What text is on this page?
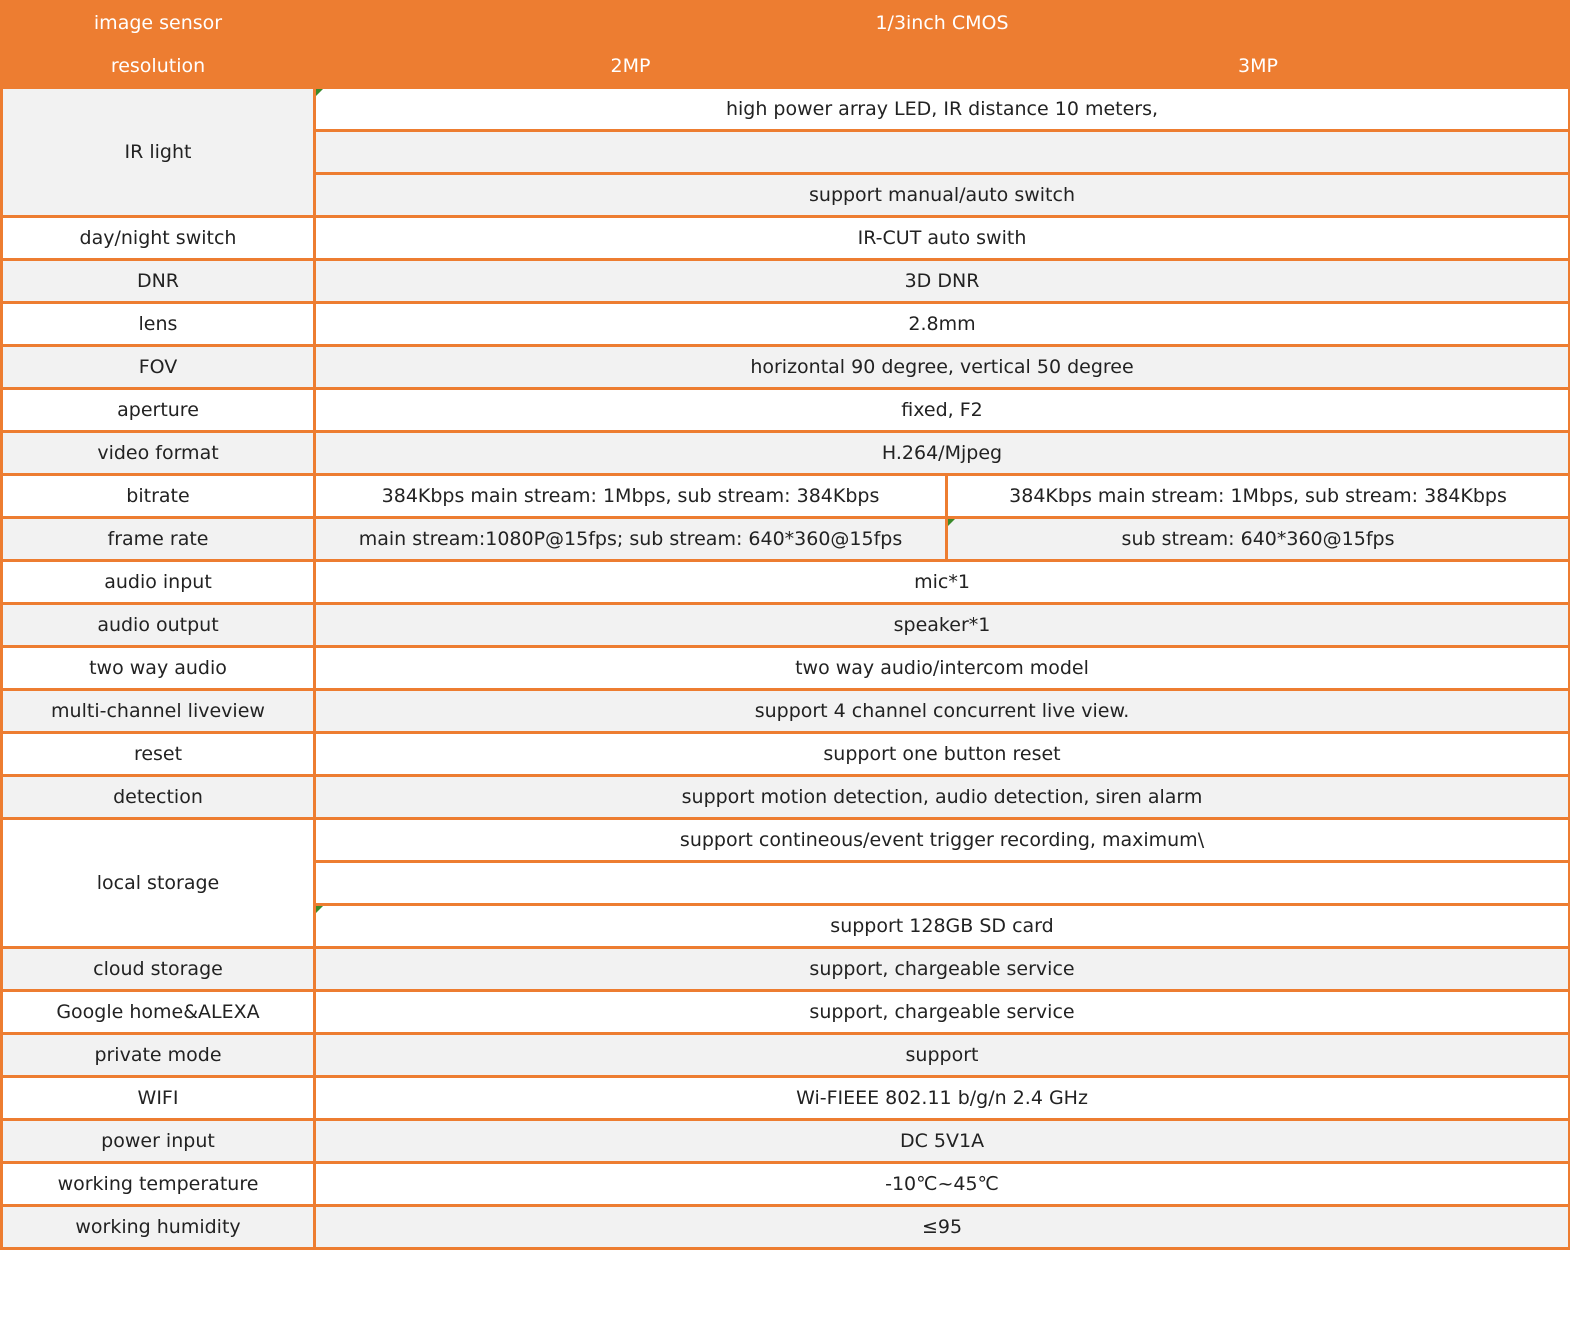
image sensor	1/3inch CMOS	
resolution	2MP	3MP
IR light	high power array LED, IR distance 10 meters,	

	support manual/auto switch	
day/night switch	IR-CUT auto swith	
DNR	3D DNR	
lens	2.8mm	
FOV	horizontal 90 degree, vertical 50 degree	
aperture	fixed, F2	
video format	H.264/Mjpeg	
bitrate	384Kbps main stream: 1Mbps, sub stream: 384Kbps	384Kbps main stream: 1Mbps, sub stream: 384Kbps
frame rate	main stream:1080P@15fps; sub stream: 640*360@15fps	sub stream: 640*360@15fps
audio input	mic*1	
audio output	speaker*1	
two way audio	two way audio/intercom model	
multi-channel liveview	support 4 channel concurrent live view.	
reset	support one button reset	
detection	support motion detection, audio detection, siren alarm	
local storage	support contineous/event trigger recording, maximum\	

	support 128GB SD card	
cloud storage	support, chargeable service	
Google home&ALEXA	support, chargeable service	
private mode	support	
WIFI	Wi-FIEEE 802.11 b/g/n 2.4 GHz	
power input	DC 5V1A	
working temperature	-10℃~45℃	
working humidity	≤95	
